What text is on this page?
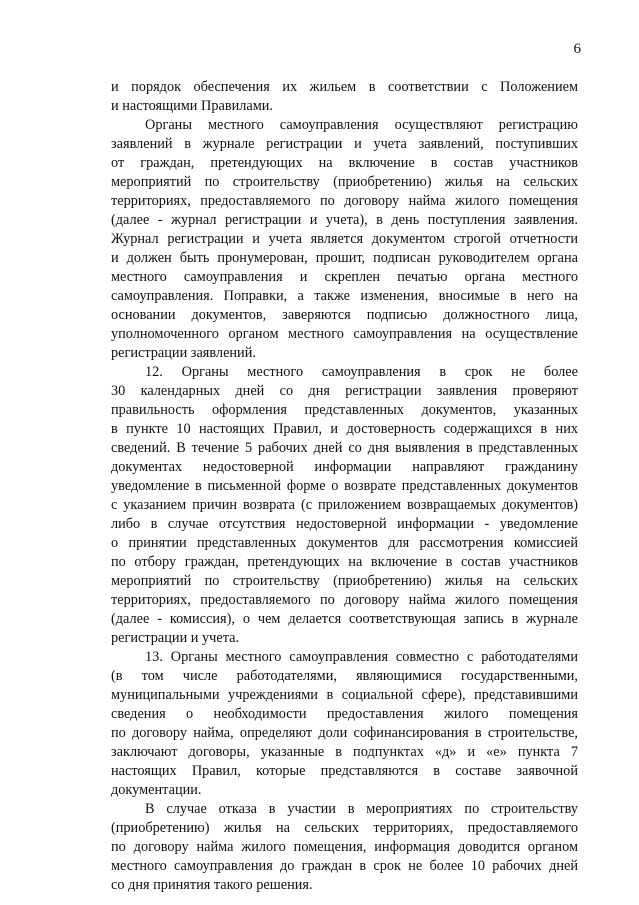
6

и порядок обеспечения их жильем в соответствии с Положением
и настоящими Правилами.

Органы местного самоуправления осуществляют регистрацию
заявлений в журнале регистрации и учета заявлений, поступивших
от граждан, претендующих на включение в состав участников
мероприятий по строительству (приобретению) жилья на сельских
территориях, предоставляемого по договору найма жилого помещения
(далее - журнал регистрации и учета), в день поступления заявления.
Журнал регистрации и учета является документом строгой отчетности
и должен быть пронумерован, прошит, подписан руководителем органа
местного самоуправления и скреплен печатью органа местного
самоуправления. Поправки, а также изменения, вносимые в него на
основании документов, заверяются подписью должностного лица,
уполномоченного органом местного самоуправления на осуществление
регистрации заявлений.

12. Органы местного самоуправления в срок не более
30 календарных дней со дня регистрации заявления проверяют
правильность оформления представленных документов, указанных
в пункте 10 настоящих Правил, и достоверность содержащихся в них
сведений. В течение 5 рабочих дней со дня выявления в представленных
документах недостоверной информации направляют гражданину
уведомление в письменной форме о возврате представленных документов
с указанием причин возврата (с приложением возвращаемых документов)
либо в случае отсутствия недостоверной информации - уведомление
о принятии представленных документов для рассмотрения комиссией
по отбору граждан, претендующих на включение в состав участников
мероприятий по строительству (приобретению) жилья на сельских
территориях, предоставляемого по договору найма жилого помещения
(далее - комиссия), о чем делается соответствующая запись в журнале
регистрации и учета.

13. Органы местного самоуправления совместно с работодателями
(в том числе работодателями, являющимися государственными,
муниципальными учреждениями в социальной сфере), представившими
сведения о необходимости предоставления жилого помещения
по договору найма, определяют доли софинансирования в строительстве,
заключают договоры, указанные в подпунктах «д» и «е» пункта 7
настоящих Правил, которые представляются в составе заявочной
документации.

В случае отказа в участии в мероприятиях по строительству
(приобретению) жилья на сельских территориях, предоставляемого
по договору найма жилого помещения, информация доводится органом
местного самоуправления до граждан в срок не более 10 рабочих дней
со дня принятия такого решения.
